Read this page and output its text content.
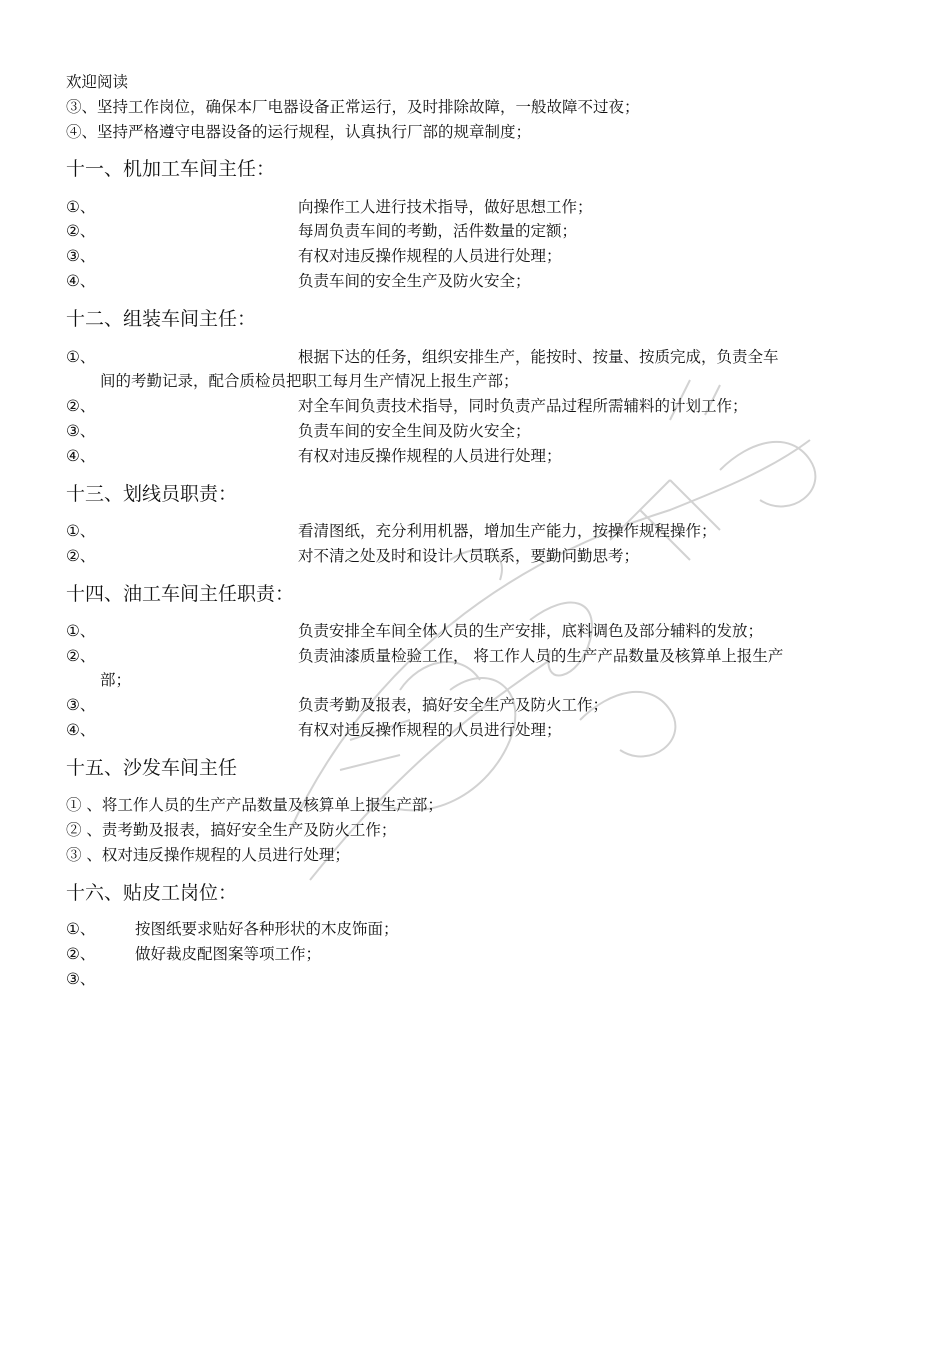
欢迎阅读
③、坚持工作岗位，确保本厂电器设备正常运行，及时排除故障，一般故障不过夜；
④、坚持严格遵守电器设备的运行规程，认真执行厂部的规章制度；
十一、机加工车间主任：
①、	向操作工人进行技术指导，做好思想工作；
②、	每周负责车间的考勤，活件数量的定额；
③、	有权对违反操作规程的人员进行处理；
④、	负责车间的安全生产及防火安全；
十二、组装车间主任：
①、	根据下达的任务，组织安排生产，能按时、按量、按质完成，负责全车
间的考勤记录，配合质检员把职工每月生产情况上报生产部；
②、	对全车间负责技术指导，同时负责产品过程所需辅料的计划工作；
③、	负责车间的安全生间及防火安全；
④、	有权对违反操作规程的人员进行处理；
十三、划线员职责：
①、	看清图纸，充分利用机器，增加生产能力，按操作规程操作；
②、	对不清之处及时和设计人员联系，要勤问勤思考；
十四、油工车间主任职责：
①、	负责安排全车间全体人员的生产安排，底料调色及部分辅料的发放；
②、	负责油漆质量检验工作， 将工作人员的生产产品数量及核算单上报生产
部；
③、	负责考勤及报表，搞好安全生产及防火工作；
④、	有权对违反操作规程的人员进行处理；
十五、沙发车间主任
① 、将工作人员的生产产品数量及核算单上报生产部；
② 、责考勤及报表，搞好安全生产及防火工作；
③ 、权对违反操作规程的人员进行处理；
十六、贴皮工岗位：
①、	按图纸要求贴好各种形状的木皮饰面；
②、	做好裁皮配图案等项工作；
③、
